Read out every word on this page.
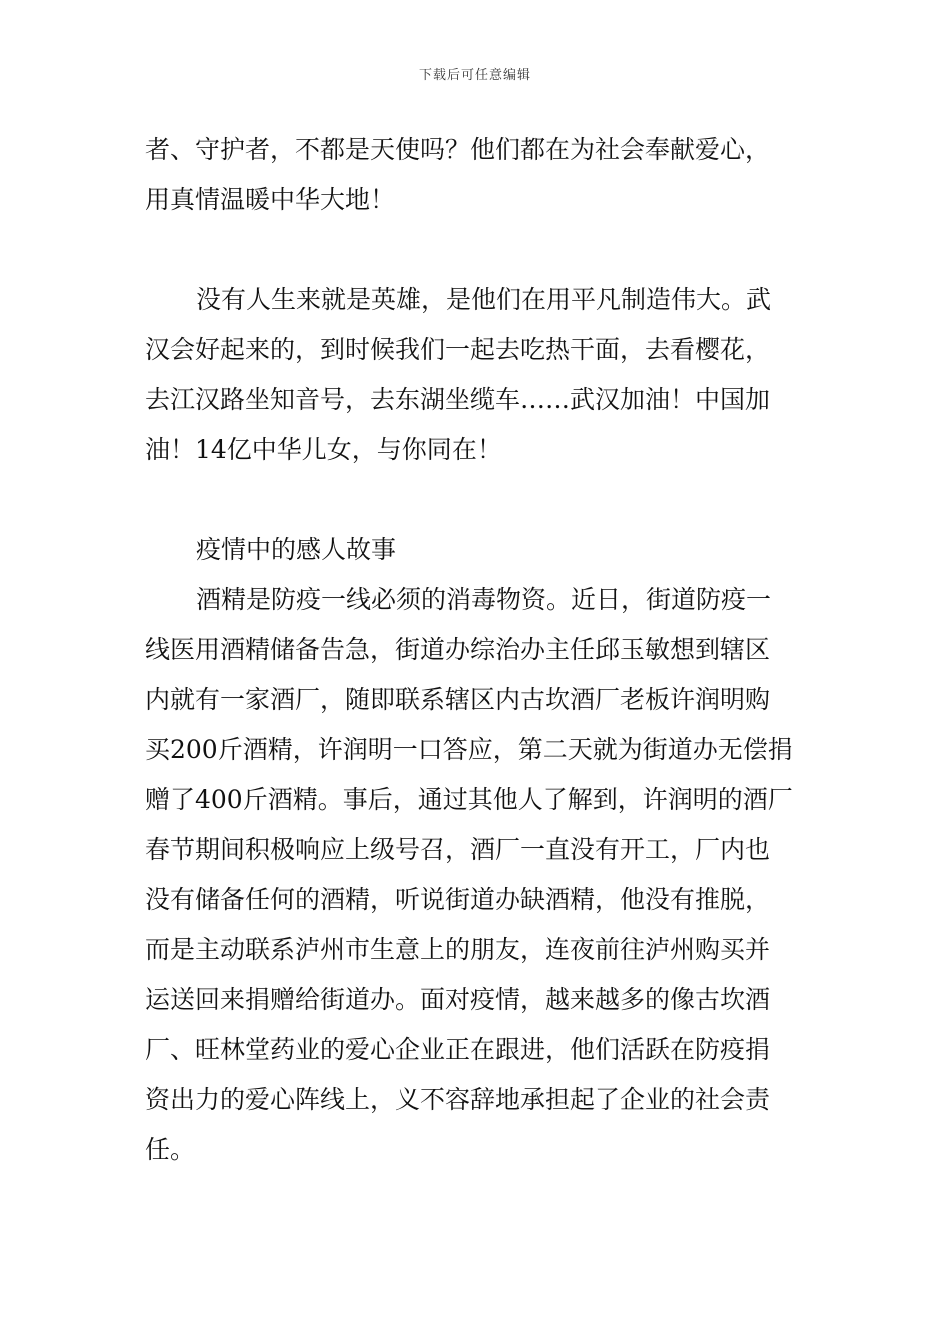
下载后可任意编辑
者、守护者，不都是天使吗？他们都在为社会奉献爱心，
用真情温暖中华大地！
没有人生来就是英雄，是他们在用平凡制造伟大。武
汉会好起来的，到时候我们一起去吃热干面，去看樱花，
去江汉路坐知音号，去东湖坐缆车……武汉加油！中国加
油！14亿中华儿女，与你同在！
疫情中的感人故事
酒精是防疫一线必须的消毒物资。近日，街道防疫一
线医用酒精储备告急，街道办综治办主任邱玉敏想到辖区
内就有一家酒厂，随即联系辖区内古坎酒厂老板许润明购
买200斤酒精，许润明一口答应，第二天就为街道办无偿捐
赠了400斤酒精。事后，通过其他人了解到，许润明的酒厂
春节期间积极响应上级号召，酒厂一直没有开工，厂内也
没有储备任何的酒精，听说街道办缺酒精，他没有推脱，
而是主动联系泸州市生意上的朋友，连夜前往泸州购买并
运送回来捐赠给街道办。面对疫情，越来越多的像古坎酒
厂、旺林堂药业的爱心企业正在跟进，他们活跃在防疫捐
资出力的爱心阵线上，义不容辞地承担起了企业的社会责
任。
